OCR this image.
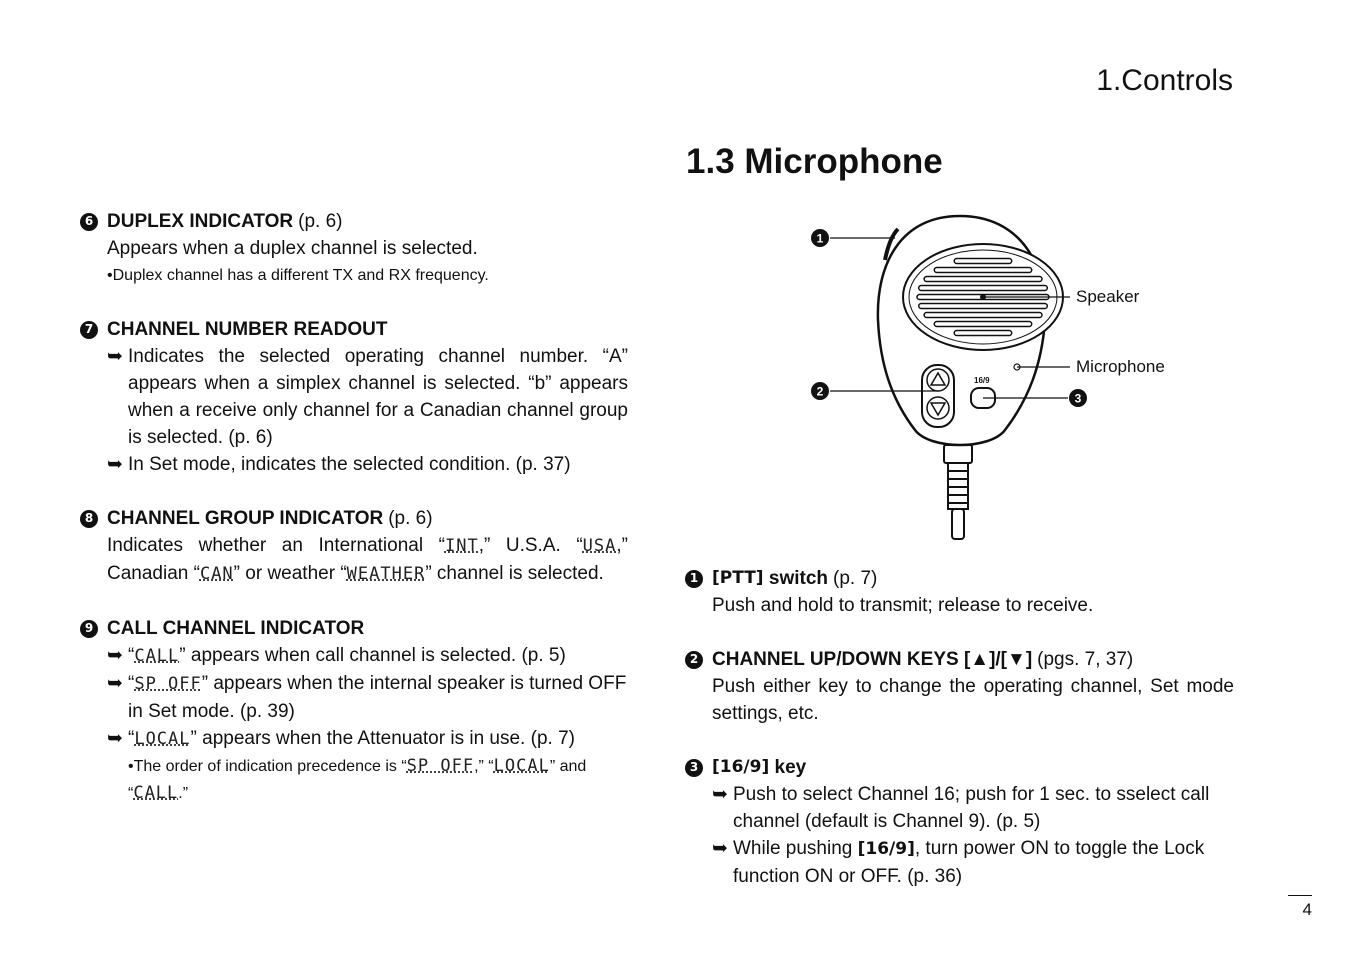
1.Controls
1.3 Microphone
6 DUPLEX INDICATOR (p. 6)
Appears when a duplex channel is selected.
•Duplex channel has a different TX and RX frequency.
7 CHANNEL NUMBER READOUT
➥ Indicates the selected operating channel number. “A” appears when a simplex channel is selected. “b” appears when a receive only channel for a Canadian channel group is selected. (p. 6)
➥ In Set mode, indicates the selected condition. (p. 37)
8 CHANNEL GROUP INDICATOR (p. 6)
Indicates whether an International “INT,” U.S.A. “USA,” Canadian “CAN” or weather “WEATHER” channel is selected.
9 CALL CHANNEL INDICATOR
➥ “CALL” appears when call channel is selected. (p. 5)
➥ “SP OFF” appears when the internal speaker is turned OFF in Set mode. (p. 39)
➥ “LOCAL” appears when the Attenuator is in use. (p. 7)
•The order of indication precedence is “SP OFF,” “LOCAL” and “CALL.”
16/9
1
2	3
Speaker
Microphone
1 [PTT] switch (p. 7)
Push and hold to transmit; release to receive.
2 CHANNEL UP/DOWN KEYS [▲]/[▼] (pgs. 7, 37)
Push either key to change the operating channel, Set mode settings, etc.
3 [16/9] key
➥ Push to select Channel 16; push for 1 sec. to sselect call channel (default is Channel 9). (p. 5)
➥ While pushing [16/9], turn power ON to toggle the Lock function ON or OFF. (p. 36)
4
